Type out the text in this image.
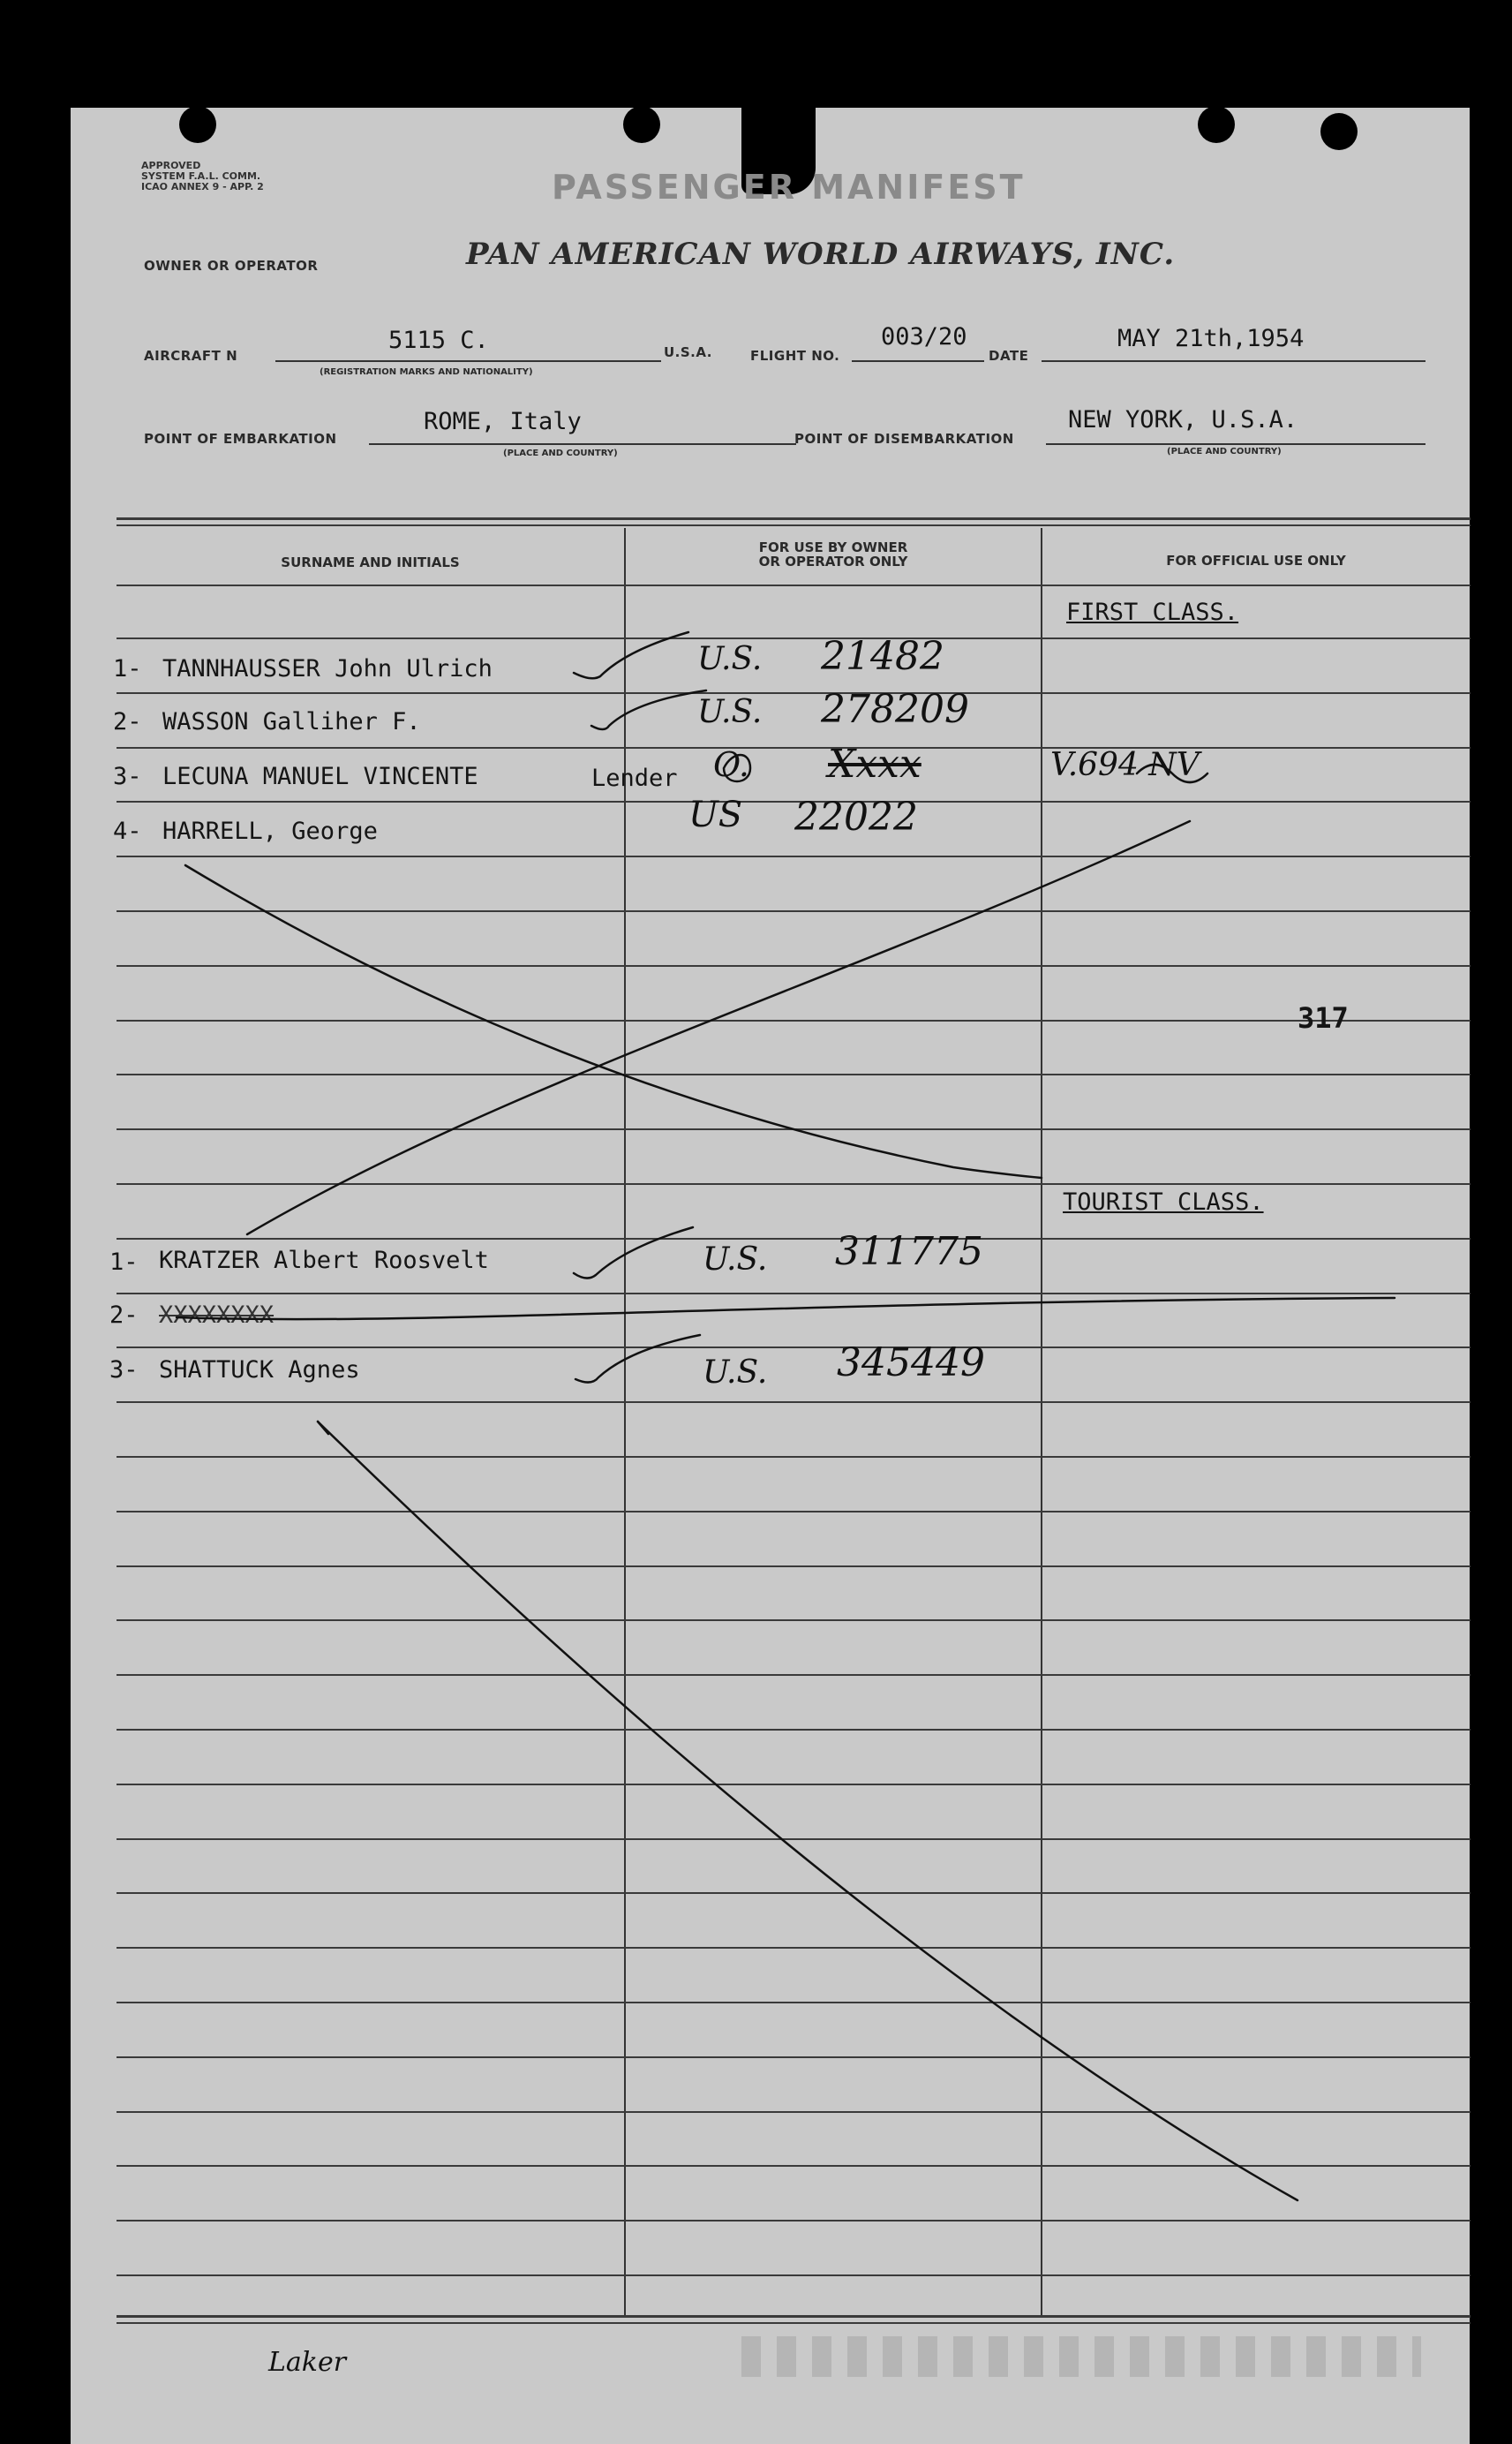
APPROVED
SYSTEM F.A.L. COMM.
ICAO ANNEX 9 - APP. 2	PASSENGER MANIFEST
OWNER OR OPERATOR	PAN AMERICAN WORLD AIRWAYS, INC.
AIRCRAFT N
5115 C.
(REGISTRATION MARKS AND NATIONALITY)
U.S.A.	FLIGHT NO.
003/20
DATE
MAY 21th,1954
POINT OF EMBARKATION
ROME, Italy
(PLACE AND COUNTRY)
POINT OF DISEMBARKATION
NEW YORK, U.S.A.
(PLACE AND COUNTRY)
SURNAME AND INITIALS
FOR USE BY OWNER
OR OPERATOR ONLY	FOR OFFICIAL USE ONLY
FIRST CLASS.
TOURIST CLASS.
1- TANNHAUSSER John Ulrich	U.S. 21482
2- WASSON Galliher F.	U.S. 278209
3- LECUNA MANUEL VINCENTE	Lender O. Xxxx	V.694 NV
4- HARRELL, George	US 22022
317
1- KRATZER Albert Roosvelt	U.S. 311775
2- XXXXXXXX
3- SHATTUCK Agnes	U.S. 345449
Laker
